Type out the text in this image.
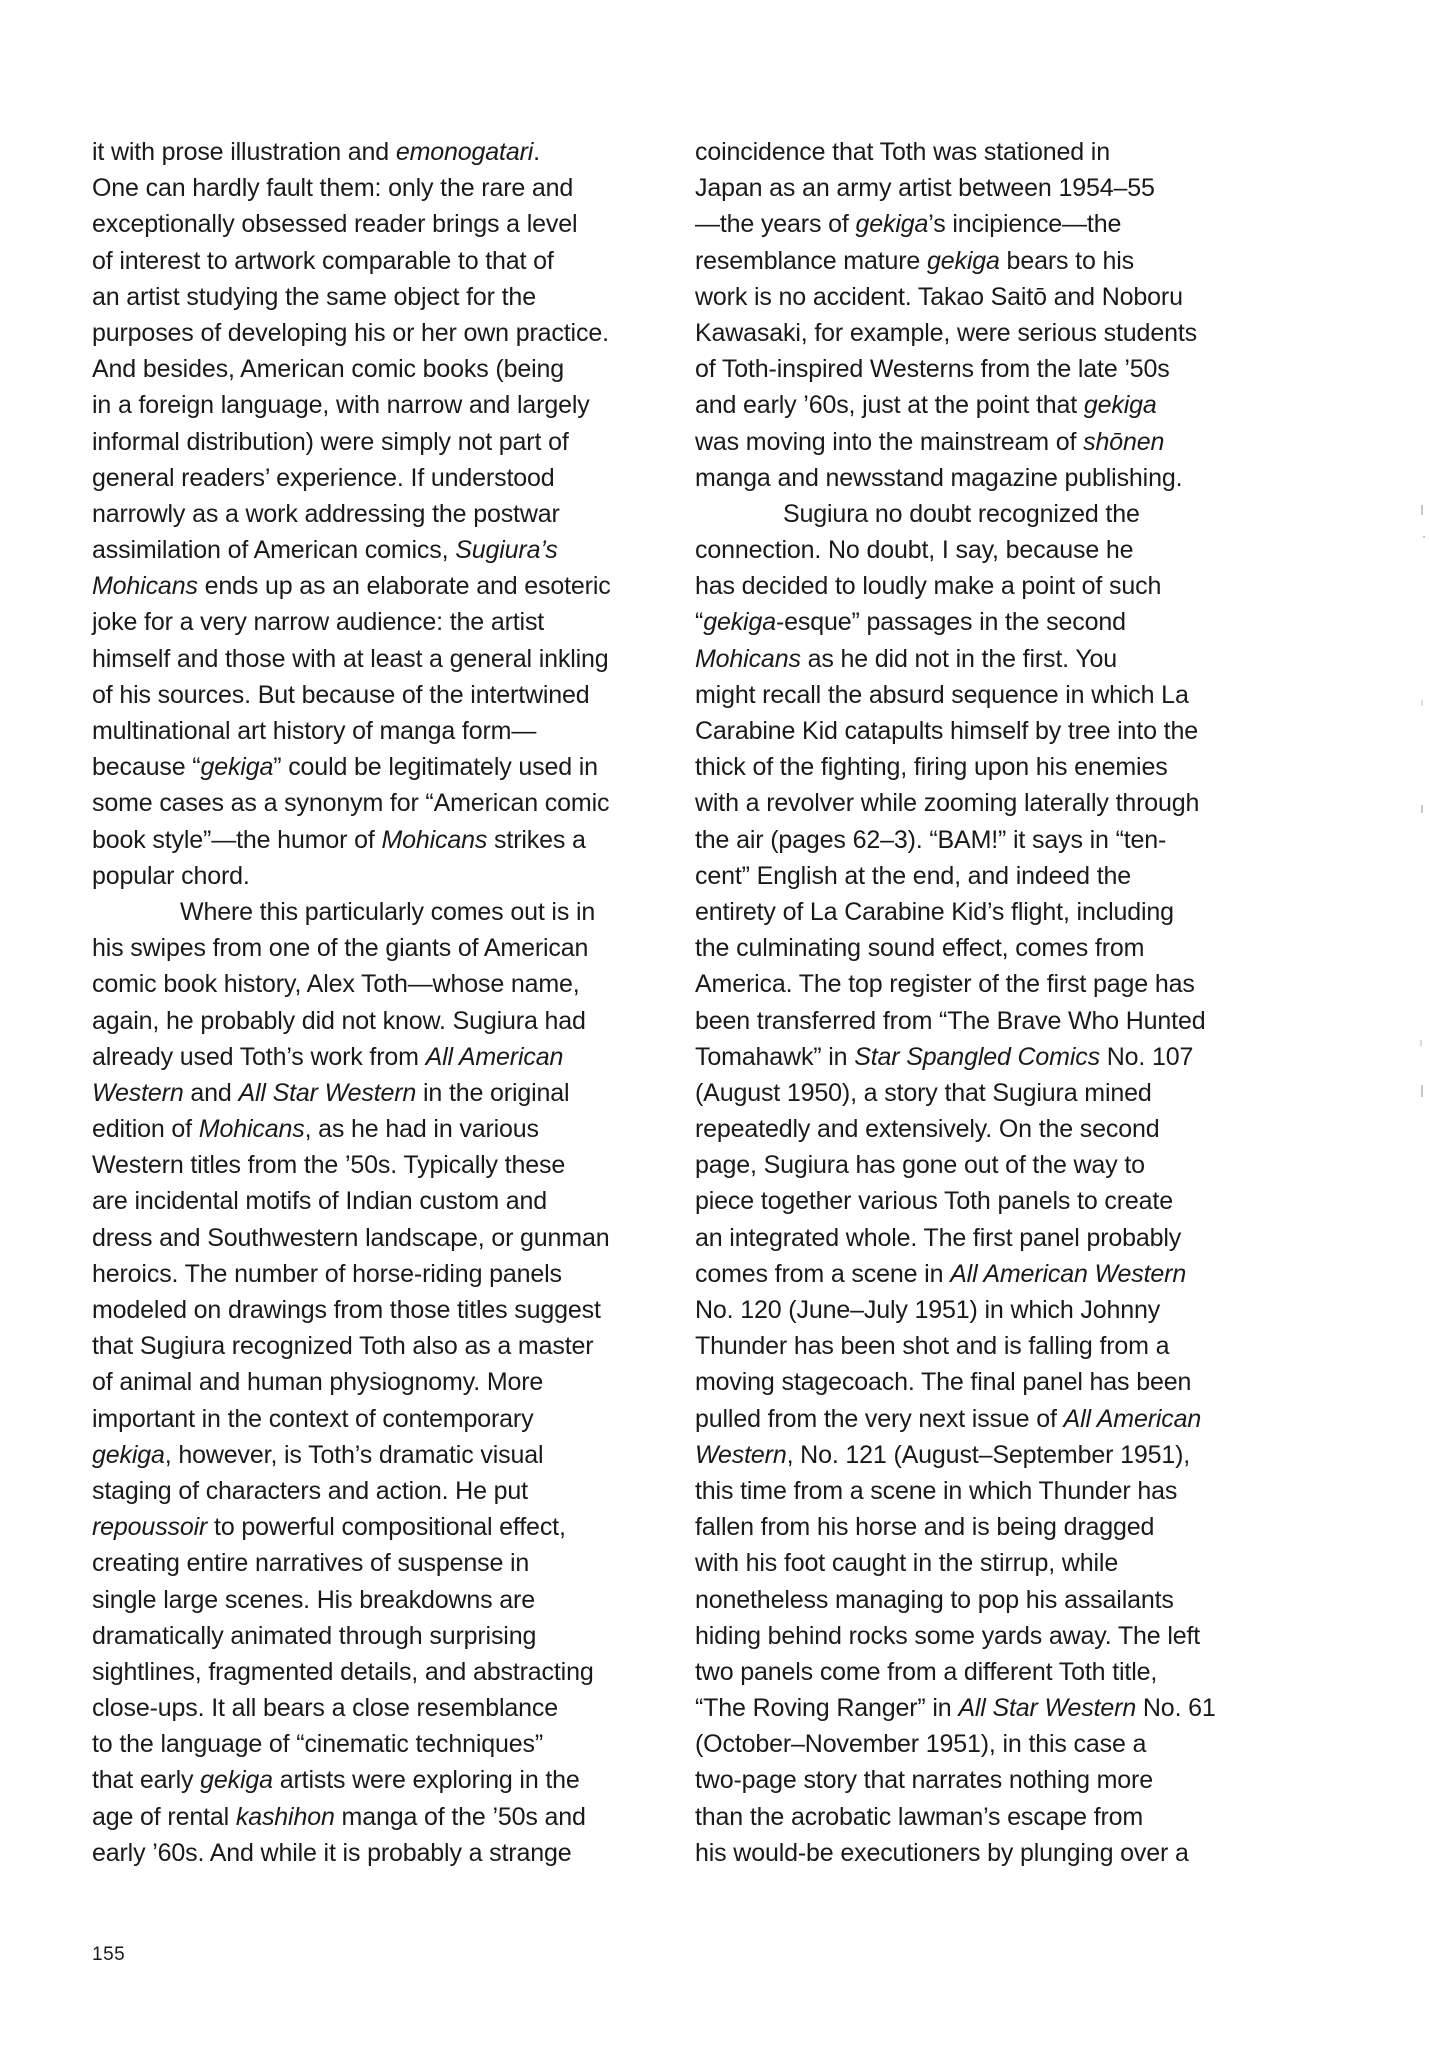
it with prose illustration and emonogatari.
One can hardly fault them: only the rare and
exceptionally obsessed reader brings a level
of interest to artwork comparable to that of
an artist studying the same object for the
purposes of developing his or her own practice.
And besides, American comic books (being
in a foreign language, with narrow and largely
informal distribution) were simply not part of
general readers’ experience. If understood
narrowly as a work addressing the postwar
assimilation of American comics, Sugiura’s
Mohicans ends up as an elaborate and esoteric
joke for a very narrow audience: the artist
himself and those with at least a general inkling
of his sources. But because of the intertwined
multinational art history of manga form—
because “gekiga” could be legitimately used in
some cases as a synonym for “American comic
book style”—the humor of Mohicans strikes a
popular chord.
Where this particularly comes out is in
his swipes from one of the giants of American
comic book history, Alex Toth—whose name,
again, he probably did not know. Sugiura had
already used Toth’s work from All American
Western and All Star Western in the original
edition of Mohicans, as he had in various
Western titles from the ’50s. Typically these
are incidental motifs of Indian custom and
dress and Southwestern landscape, or gunman
heroics. The number of horse-riding panels
modeled on drawings from those titles suggest
that Sugiura recognized Toth also as a master
of animal and human physiognomy. More
important in the context of contemporary
gekiga, however, is Toth’s dramatic visual
staging of characters and action. He put
repoussoir to powerful compositional effect,
creating entire narratives of suspense in
single large scenes. His breakdowns are
dramatically animated through surprising
sightlines, fragmented details, and abstracting
close-ups. It all bears a close resemblance
to the language of “cinematic techniques”
that early gekiga artists were exploring in the
age of rental kashihon manga of the ’50s and
early ’60s. And while it is probably a strange
coincidence that Toth was stationed in
Japan as an army artist between 1954–55
—the years of gekiga’s incipience—the
resemblance mature gekiga bears to his
work is no accident. Takao Saitō and Noboru
Kawasaki, for example, were serious students
of Toth-inspired Westerns from the late ’50s
and early ’60s, just at the point that gekiga
was moving into the mainstream of shōnen
manga and newsstand magazine publishing.
Sugiura no doubt recognized the
connection. No doubt, I say, because he
has decided to loudly make a point of such
“gekiga-esque” passages in the second
Mohicans as he did not in the first. You
might recall the absurd sequence in which La
Carabine Kid catapults himself by tree into the
thick of the fighting, firing upon his enemies
with a revolver while zooming laterally through
the air (pages 62–3). “BAM!” it says in “ten-
cent” English at the end, and indeed the
entirety of La Carabine Kid’s flight, including
the culminating sound effect, comes from
America. The top register of the first page has
been transferred from “The Brave Who Hunted
Tomahawk” in Star Spangled Comics No. 107
(August 1950), a story that Sugiura mined
repeatedly and extensively. On the second
page, Sugiura has gone out of the way to
piece together various Toth panels to create
an integrated whole. The first panel probably
comes from a scene in All American Western
No. 120 (June–July 1951) in which Johnny
Thunder has been shot and is falling from a
moving stagecoach. The final panel has been
pulled from the very next issue of All American
Western, No. 121 (August–September 1951),
this time from a scene in which Thunder has
fallen from his horse and is being dragged
with his foot caught in the stirrup, while
nonetheless managing to pop his assailants
hiding behind rocks some yards away. The left
two panels come from a different Toth title,
“The Roving Ranger” in All Star Western No. 61
(October–November 1951), in this case a
two-page story that narrates nothing more
than the acrobatic lawman’s escape from
his would-be executioners by plunging over a
155
